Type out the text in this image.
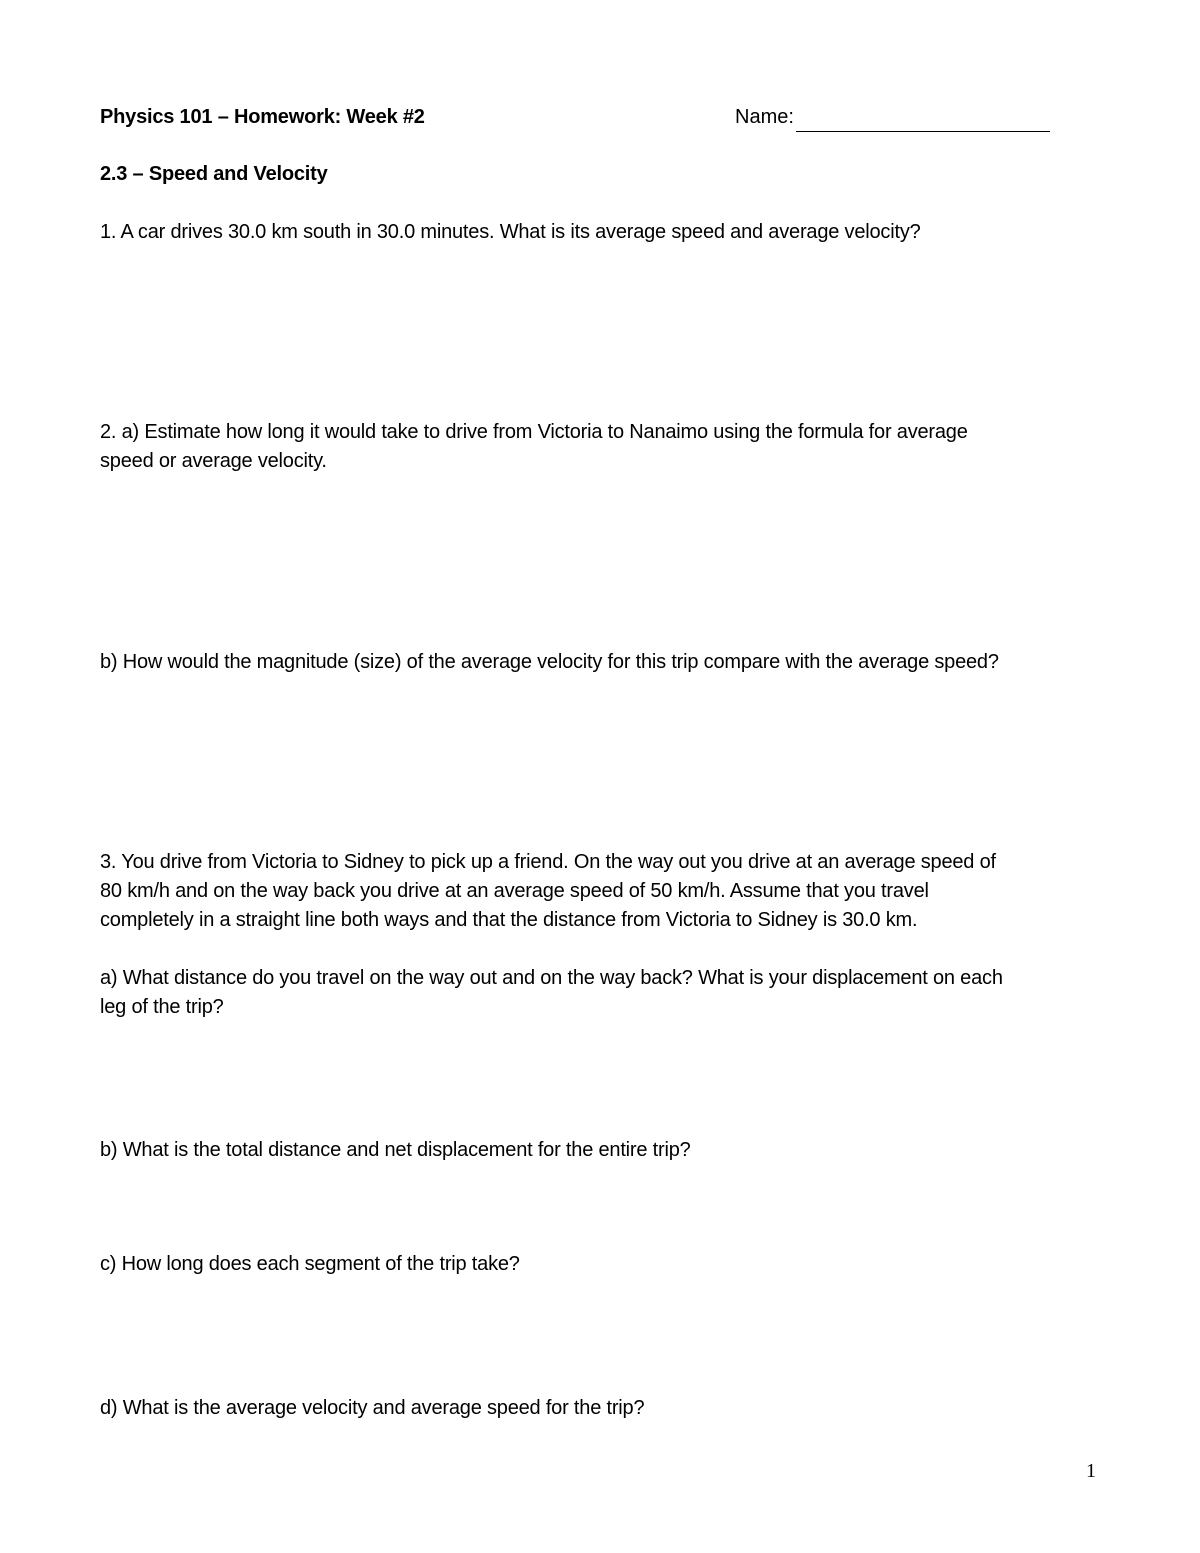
Physics 101 – Homework: Week #2	Name:
2.3 – Speed and Velocity
1. A car drives 30.0 km south in 30.0 minutes. What is its average speed and average velocity?
2. a) Estimate how long it would take to drive from Victoria to Nanaimo using the formula for average
speed or average velocity.
b) How would the magnitude (size) of the average velocity for this trip compare with the average speed?
3. You drive from Victoria to Sidney to pick up a friend. On the way out you drive at an average speed of
80 km/h and on the way back you drive at an average speed of 50 km/h. Assume that you travel
completely in a straight line both ways and that the distance from Victoria to Sidney is 30.0 km.
a) What distance do you travel on the way out and on the way back? What is your displacement on each
leg of the trip?
b) What is the total distance and net displacement for the entire trip?
c) How long does each segment of the trip take?
d) What is the average velocity and average speed for the trip?
1
